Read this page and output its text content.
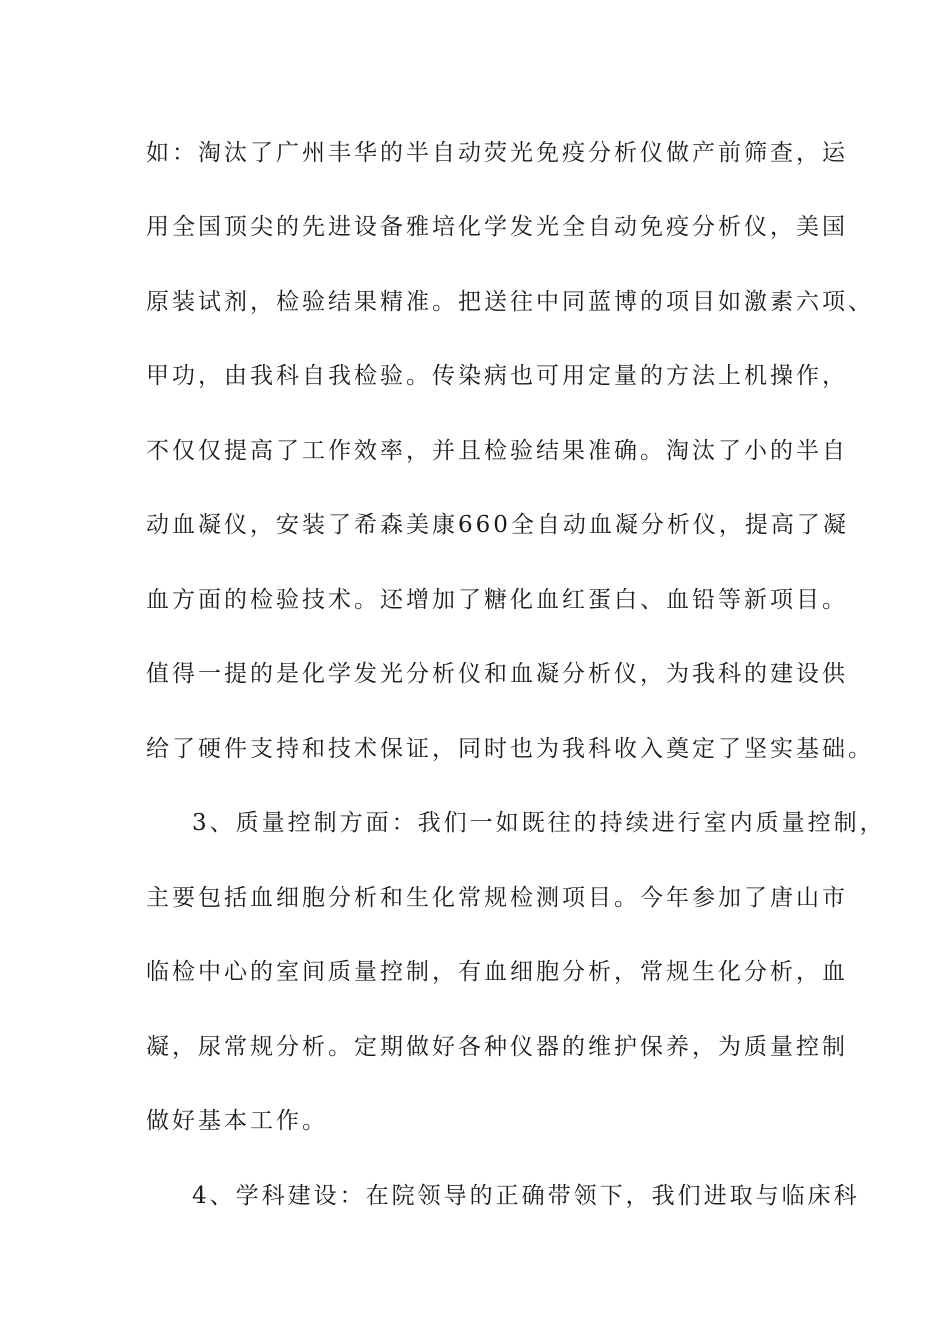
如：淘汰了广州丰华的半自动荧光免疫分析仪做产前筛查，运
用全国顶尖的先进设备雅培化学发光全自动免疫分析仪，美国
原装试剂，检验结果精准。把送往中同蓝博的项目如激素六项、
甲功，由我科自我检验。传染病也可用定量的方法上机操作，
不仅仅提高了工作效率，并且检验结果准确。淘汰了小的半自
动血凝仪，安装了希森美康660全自动血凝分析仪，提高了凝
血方面的检验技术。还增加了糖化血红蛋白、血铅等新项目。
值得一提的是化学发光分析仪和血凝分析仪，为我科的建设供
给了硬件支持和技术保证，同时也为我科收入奠定了坚实基础。
3、质量控制方面：我们一如既往的持续进行室内质量控制，
主要包括血细胞分析和生化常规检测项目。今年参加了唐山市
临检中心的室间质量控制，有血细胞分析，常规生化分析，血
凝，尿常规分析。定期做好各种仪器的维护保养，为质量控制
做好基本工作。
4、学科建设：在院领导的正确带领下，我们进取与临床科
